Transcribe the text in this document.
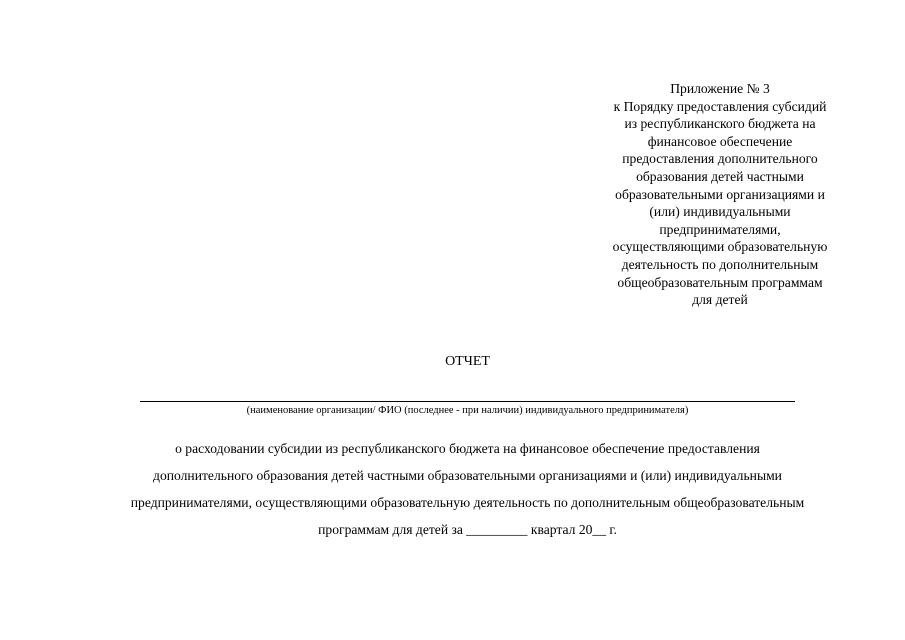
Приложение № 3
к Порядку предоставления субсидий
из республиканского бюджета на
финансовое обеспечение
предоставления дополнительного
образования детей частными
образовательными организациями и
(или) индивидуальными
предпринимателями,
осуществляющими образовательную
деятельность по дополнительным
общеобразовательным программам
для детей
ОТЧЕТ
(наименование организации/ ФИО (последнее - при наличии) индивидуального предпринимателя)
о расходовании субсидии из республиканского бюджета на финансовое обеспечение предоставления
дополнительного образования детей частными образовательными организациями и (или) индивидуальными
предпринимателями, осуществляющими образовательную деятельность по дополнительным общеобразовательным
программам для детей за _________ квартал 20__ г.
